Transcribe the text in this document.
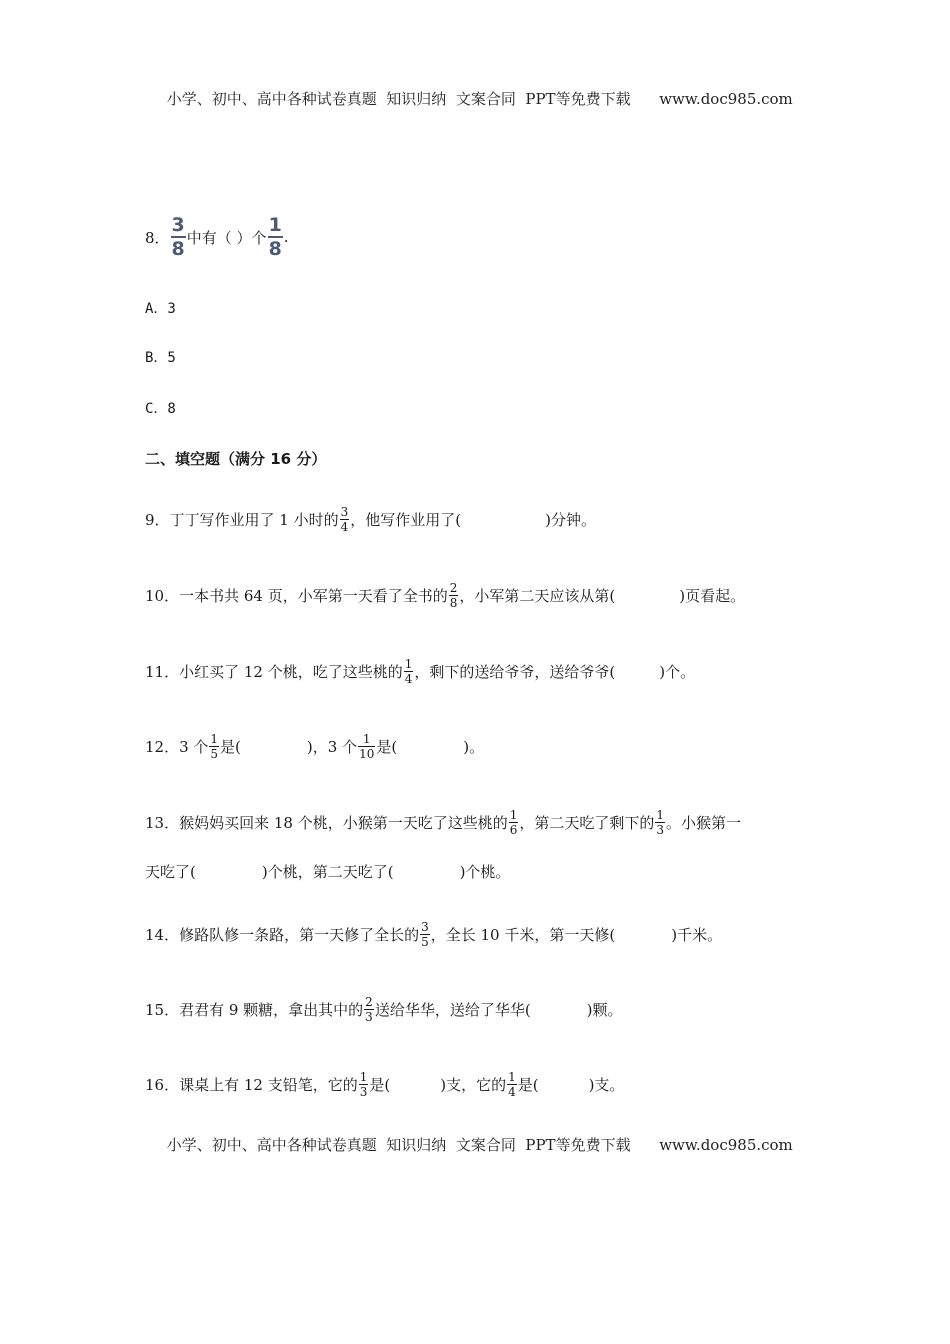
小学、初中、高中各种试卷真题  知识归纳  文案合同  PPT等免费下载 www.doc985.com

8． $\frac{3}{8}$ 中有（ ）个 $\frac{1}{8}$ .
A．3
B．5
C．8
二、填空题（满分 16 分）
9．丁丁写作业用了 1 小时的 $\frac{3}{4}$ ，他写作业用了(	)分钟。
10．一本书共 64 页，小军第一天看了全书的 $\frac{2}{8}$ ，小军第二天应该从第(	)页看起。
11．小红买了 12 个桃，吃了这些桃的 $\frac{1}{4}$ ，剩下的送给爷爷，送给爷爷(	)个。
12．3 个 $\frac{1}{5}$ 是(	)，3 个 $\frac{1}{10}$ 是(	)。
13．猴妈妈买回来 18 个桃，小猴第一天吃了这些桃的 $\frac{1}{6}$ ，第二天吃了剩下的 $\frac{1}{3}$ 。小猴第一
天吃了(	)个桃，第二天吃了(	)个桃。
14．修路队修一条路，第一天修了全长的 $\frac{3}{5}$ ，全长 10 千米，第一天修(	)千米。
15．君君有 9 颗糖，拿出其中的 $\frac{2}{3}$ 送给华华，送给了华华(	)颗。
16．课桌上有 12 支铅笔，它的 $\frac{1}{3}$ 是(	)支，它的 $\frac{1}{4}$ 是(	)支。

小学、初中、高中各种试卷真题  知识归纳  文案合同  PPT等免费下载 www.doc985.com
